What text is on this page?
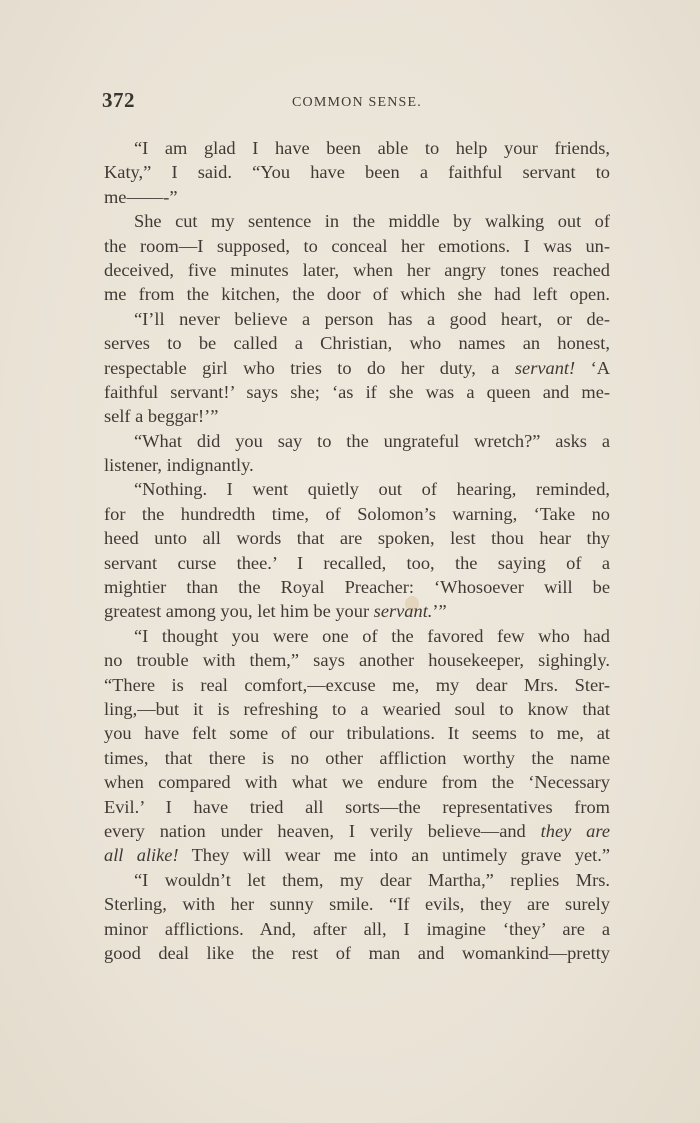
372	COMMON SENSE.
“I am glad I have been able to help your friends,
Katy,” I said. “You have been a faithful servant to
me——-”
She cut my sentence in the middle by walking out of
the room—I supposed, to conceal her emotions. I was un-
deceived, five minutes later, when her angry tones reached
me from the kitchen, the door of which she had left open.
“I’ll never believe a person has a good heart, or de-
serves to be called a Christian, who names an honest,
respectable girl who tries to do her duty, a servant! ‘A
faithful servant!’ says she; ‘as if she was a queen and me-
self a beggar!’”
“What did you say to the ungrateful wretch?” asks a
listener, indignantly.
“Nothing. I went quietly out of hearing, reminded,
for the hundredth time, of Solomon’s warning, ‘Take no
heed unto all words that are spoken, lest thou hear thy
servant curse thee.’ I recalled, too, the saying of a
mightier than the Royal Preacher: ‘Whosoever will be
greatest among you, let him be your servant.’”
“I thought you were one of the favored few who had
no trouble with them,” says another housekeeper, sighingly.
“There is real comfort,—excuse me, my dear Mrs. Ster-
ling,—but it is refreshing to a wearied soul to know that
you have felt some of our tribulations. It seems to me, at
times, that there is no other affliction worthy the name
when compared with what we endure from the ‘Necessary
Evil.’ I have tried all sorts—the representatives from
every nation under heaven, I verily believe—and they are
all alike! They will wear me into an untimely grave yet.”
“I wouldn’t let them, my dear Martha,” replies Mrs.
Sterling, with her sunny smile. “If evils, they are surely
minor afflictions. And, after all, I imagine ‘they’ are a
good deal like the rest of man and womankind—pretty
